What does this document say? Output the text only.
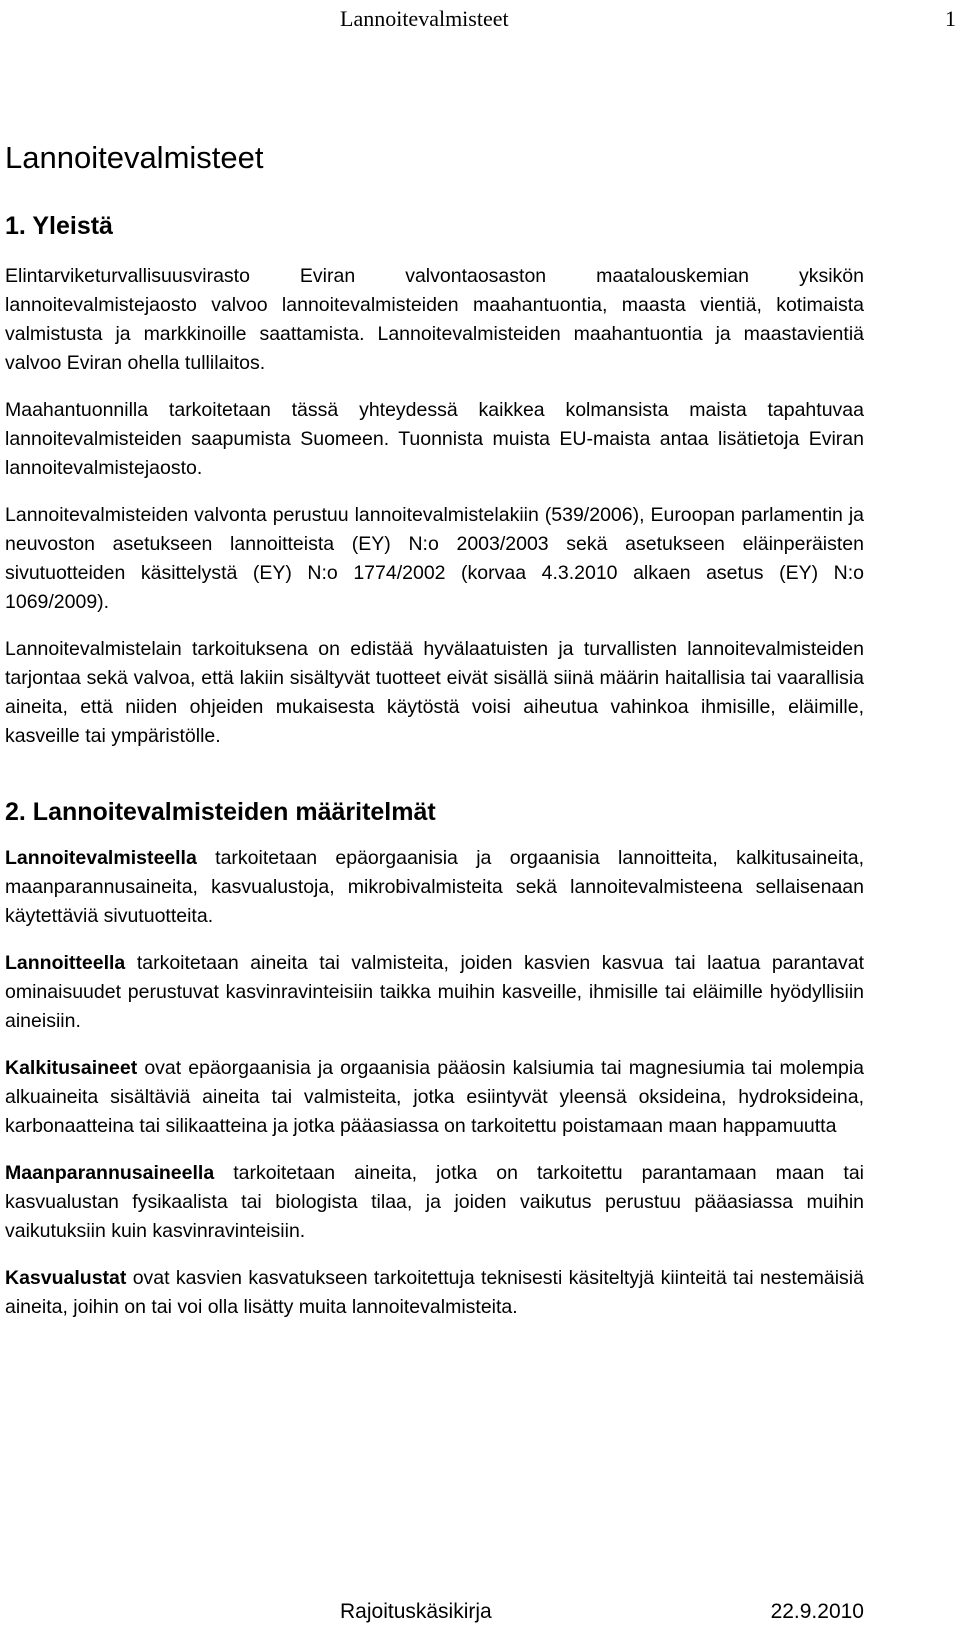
Lannoitevalmisteet	1
Lannoitevalmisteet
1. Yleistä

Elintarviketurvallisuusvirasto Eviran valvontaosaston maatalouskemian yksikön lannoitevalmistejaosto valvoo lannoitevalmisteiden maahantuontia, maasta vientiä, kotimaista valmistusta ja markkinoille saattamista. Lannoitevalmisteiden maahantuontia ja maastavientiä valvoo Eviran ohella tullilaitos.

Maahantuonnilla tarkoitetaan tässä yhteydessä kaikkea kolmansista maista tapahtuvaa lannoitevalmisteiden saapumista Suomeen. Tuonnista muista EU-maista antaa lisätietoja Eviran lannoitevalmistejaosto.

Lannoitevalmisteiden valvonta perustuu lannoitevalmistelakiin (539/2006), Euroopan parlamentin ja neuvoston asetukseen lannoitteista (EY) N:o 2003/2003 sekä asetukseen eläinperäisten sivutuotteiden käsittelystä (EY) N:o 1774/2002 (korvaa 4.3.2010 alkaen asetus (EY) N:o 1069/2009).

Lannoitevalmistelain tarkoituksena on edistää hyvälaatuisten ja turvallisten lannoitevalmisteiden tarjontaa sekä valvoa, että lakiin sisältyvät tuotteet eivät sisällä siinä määrin haitallisia tai vaarallisia aineita, että niiden ohjeiden mukaisesta käytöstä voisi aiheutua vahinkoa ihmisille, eläimille, kasveille tai ympäristölle.

2. Lannoitevalmisteiden määritelmät

Lannoitevalmisteella tarkoitetaan epäorgaanisia ja orgaanisia lannoitteita, kalkitusaineita, maanparannusaineita, kasvualustoja, mikrobivalmisteita sekä lannoitevalmisteena sellaisenaan käytettäviä sivutuotteita.

Lannoitteella tarkoitetaan aineita tai valmisteita, joiden kasvien kasvua tai laatua parantavat ominaisuudet perustuvat kasvinravinteisiin taikka muihin kasveille, ihmisille tai eläimille hyödyllisiin aineisiin.

Kalkitusaineet ovat epäorgaanisia ja orgaanisia pääosin kalsiumia tai magnesiumia tai molempia alkuaineita sisältäviä aineita tai valmisteita, jotka esiintyvät yleensä oksideina, hydroksideina, karbonaatteina tai silikaatteina ja jotka pääasiassa on tarkoitettu poistamaan maan happamuutta

Maanparannusaineella tarkoitetaan aineita, jotka on tarkoitettu parantamaan maan tai kasvualustan fysikaalista tai biologista tilaa, ja joiden vaikutus perustuu pääasiassa muihin vaikutuksiin kuin kasvinravinteisiin.

Kasvualustat ovat kasvien kasvatukseen tarkoitettuja teknisesti käsiteltyjä kiinteitä tai nestemäisiä aineita, joihin on tai voi olla lisätty muita lannoitevalmisteita.

Rajoituskäsikirja	22.9.2010
